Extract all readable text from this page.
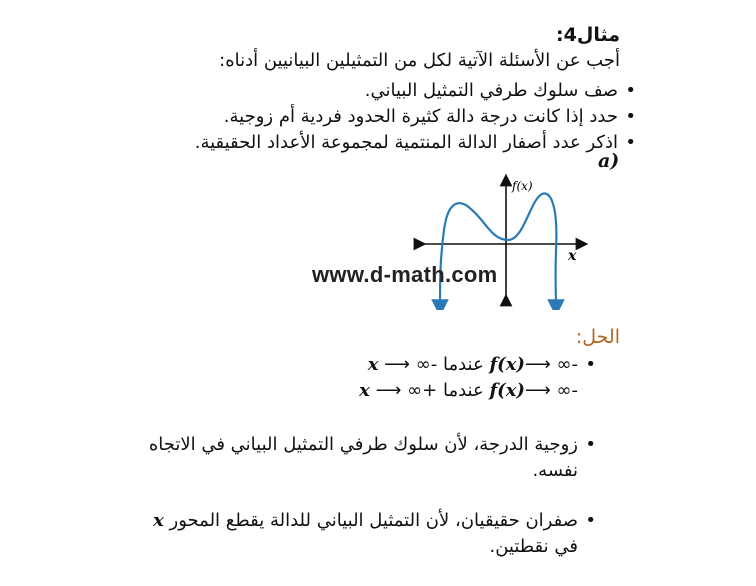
مثال4:
أجب عن الأسئلة الآتية لكل من التمثيلين البيانيين أدناه:
• صف سلوك طرفي التمثيل البياني.
• حدد إذا كانت درجة دالة كثيرة الحدود فردية أم زوجية.
• اذكر عدد أصفار الدالة المنتمية لمجموعة الأعداد الحقيقية.
a)
f(x)
x
www.d-math.com
الحل:
• -∞ ⟶f(x) عندما -∞ ⟶ x
-∞ ⟶f(x) عندما +∞ ⟶ x
• زوجية الدرجة، لأن سلوك طرفي التمثيل البياني في الاتجاه نفسه.
• صفران حقيقيان، لأن التمثيل البياني للدالة يقطع المحور x في نقطتين.
